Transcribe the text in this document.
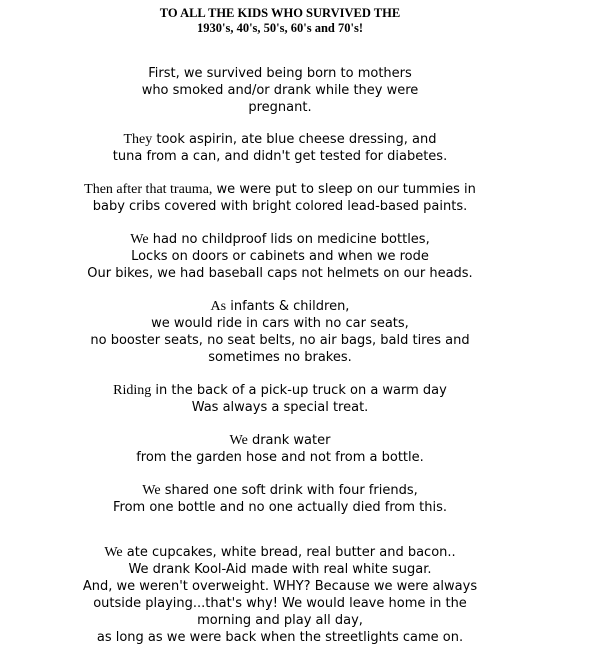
TO ALL THE KIDS WHO SURVIVED THE
1930's, 40's, 50's, 60's and 70's!
First, we survived being born to mothers
who smoked and/or drank while they were
pregnant.
They took aspirin, ate blue cheese dressing, and
tuna from a can, and didn't get tested for diabetes.
Then after that trauma, we were put to sleep on our tummies in
baby cribs covered with bright colored lead-based paints.
We had no childproof lids on medicine bottles,
Locks on doors or cabinets and when we rode
Our bikes, we had baseball caps not helmets on our heads.
As infants & children,
we would ride in cars with no car seats,
no booster seats, no seat belts, no air bags, bald tires and
sometimes no brakes.
Riding in the back of a pick-up truck on a warm day
Was always a special treat.
We drank water
from the garden hose and not from a bottle.
We shared one soft drink with four friends,
From one bottle and no one actually died from this.
We ate cupcakes, white bread, real butter and bacon..
We drank Kool-Aid made with real white sugar.
And, we weren't overweight. WHY? Because we were always
outside playing...that's why! We would leave home in the
morning and play all day,
as long as we were back when the streetlights came on.
